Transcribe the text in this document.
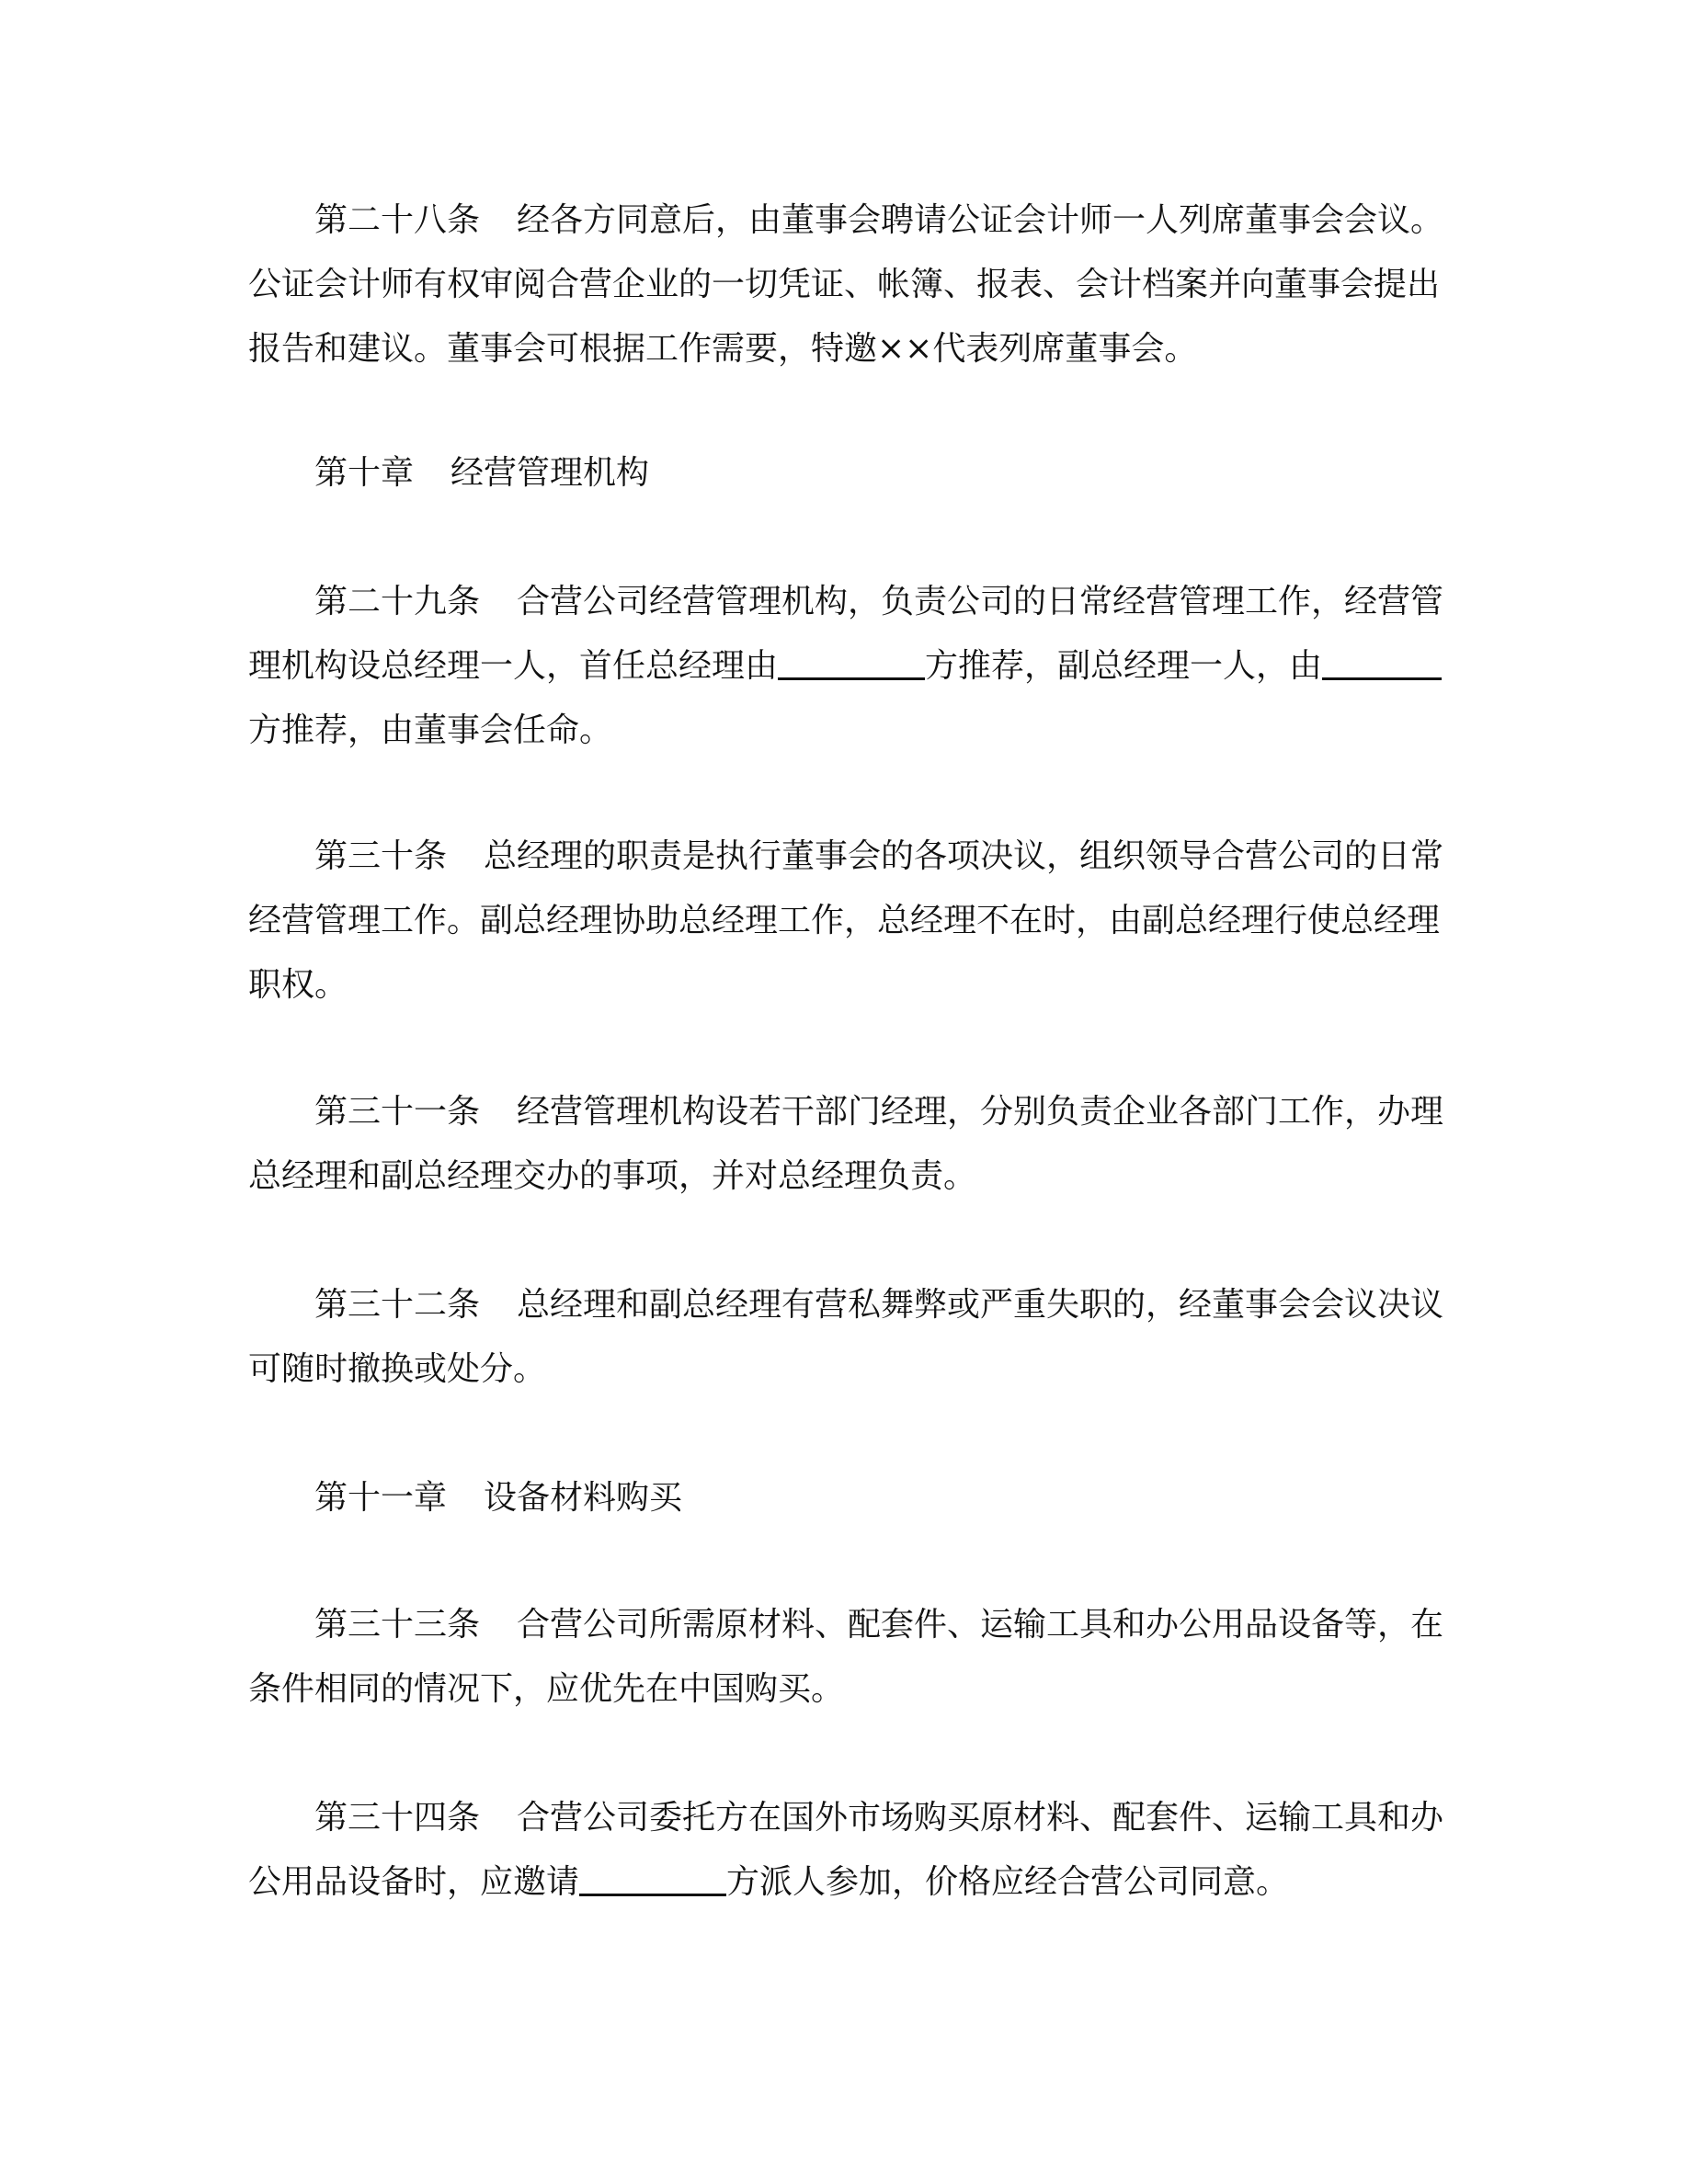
第二十八条 经各方同意后，由董事会聘请公证会计师一人列席董事会会议。
公证会计师有权审阅合营企业的一切凭证、帐簿、报表、会计档案并向董事会提出
报告和建议。董事会可根据工作需要，特邀××代表列席董事会。
第十章 经营管理机构
第二十九条 合营公司经营管理机构，负责公司的日常经营管理工作，经营管
理机构设总经理一人，首任总经理由	方推荐，副总经理一人，由
方推荐，由董事会任命。
第三十条 总经理的职责是执行董事会的各项决议，组织领导合营公司的日常
经营管理工作。副总经理协助总经理工作，总经理不在时，由副总经理行使总经理
职权。
第三十一条 经营管理机构设若干部门经理，分别负责企业各部门工作，办理
总经理和副总经理交办的事项，并对总经理负责。
第三十二条 总经理和副总经理有营私舞弊或严重失职的，经董事会会议决议
可随时撤换或处分。
第十一章 设备材料购买
第三十三条 合营公司所需原材料、配套件、运输工具和办公用品设备等，在
条件相同的情况下，应优先在中国购买。
第三十四条 合营公司委托方在国外市场购买原材料、配套件、运输工具和办
公用品设备时，应邀请	方派人参加，价格应经合营公司同意。
